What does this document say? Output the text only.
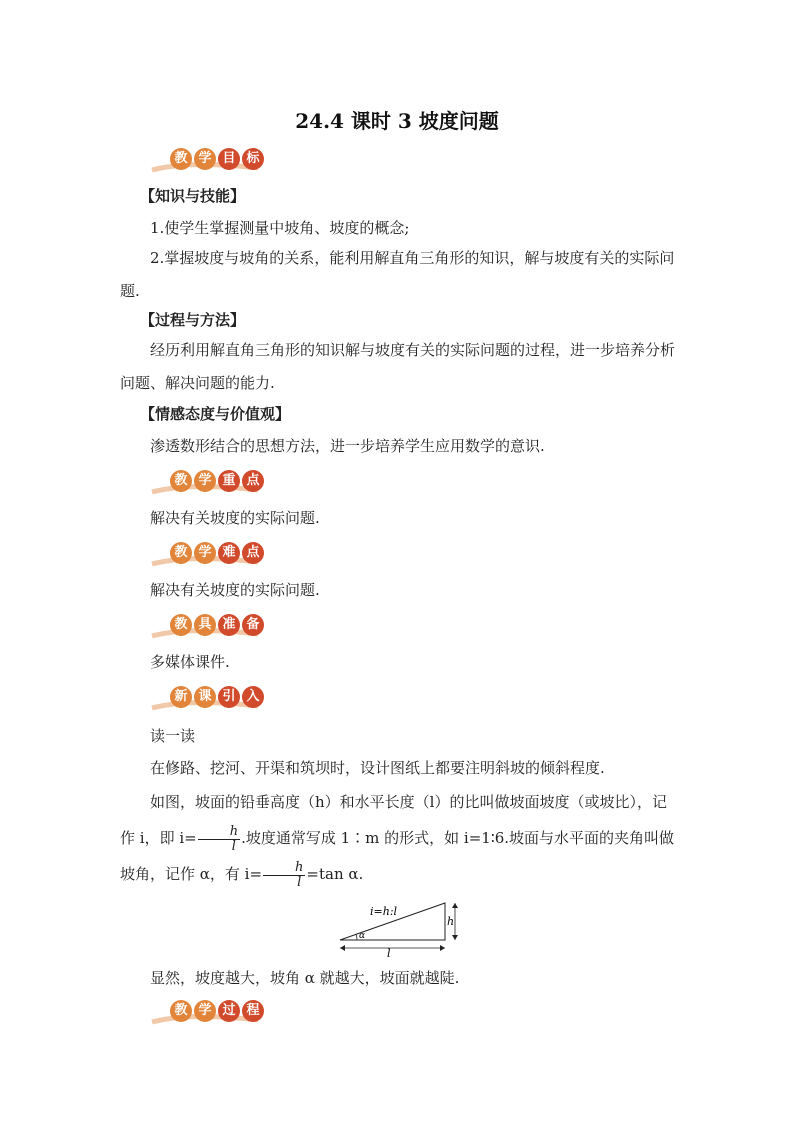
24.4 课时 3 坡度问题
教 学 目 标

【知识与技能】

1.使学生掌握测量中坡角、坡度的概念;

2.掌握坡度与坡角的关系，能利用解直角三角形的知识，解与坡度有关的实际问题.

【过程与方法】

经历利用解直角三角形的知识解与坡度有关的实际问题的过程，进一步培养分析问题、解决问题的能力.

【情感态度与价值观】

渗透数形结合的思想方法，进一步培养学生应用数学的意识.

教 学 重 点

解决有关坡度的实际问题.

教 学 难 点

解决有关坡度的实际问题.

教 具 准 备

多媒体课件.

新 课 引 入

读一读

在修路、挖河、开渠和筑坝时，设计图纸上都要注明斜坡的倾斜程度.

如图，坡面的铅垂高度（h）和水平长度（l）的比叫做坡面坡度（或坡比），记作 i，即 $i= \frac{h}{l}$ .坡度通常写成 1∶m 的形式，如 i=1∶6.坡面与水平面的夹角叫做坡角，记作 α，有 $i= \frac{h}{l} =\tan$ α.

α
i=h:l
h
l

显然，坡度越大，坡角 α 就越大，坡面就越陡.

教 学 过 程
